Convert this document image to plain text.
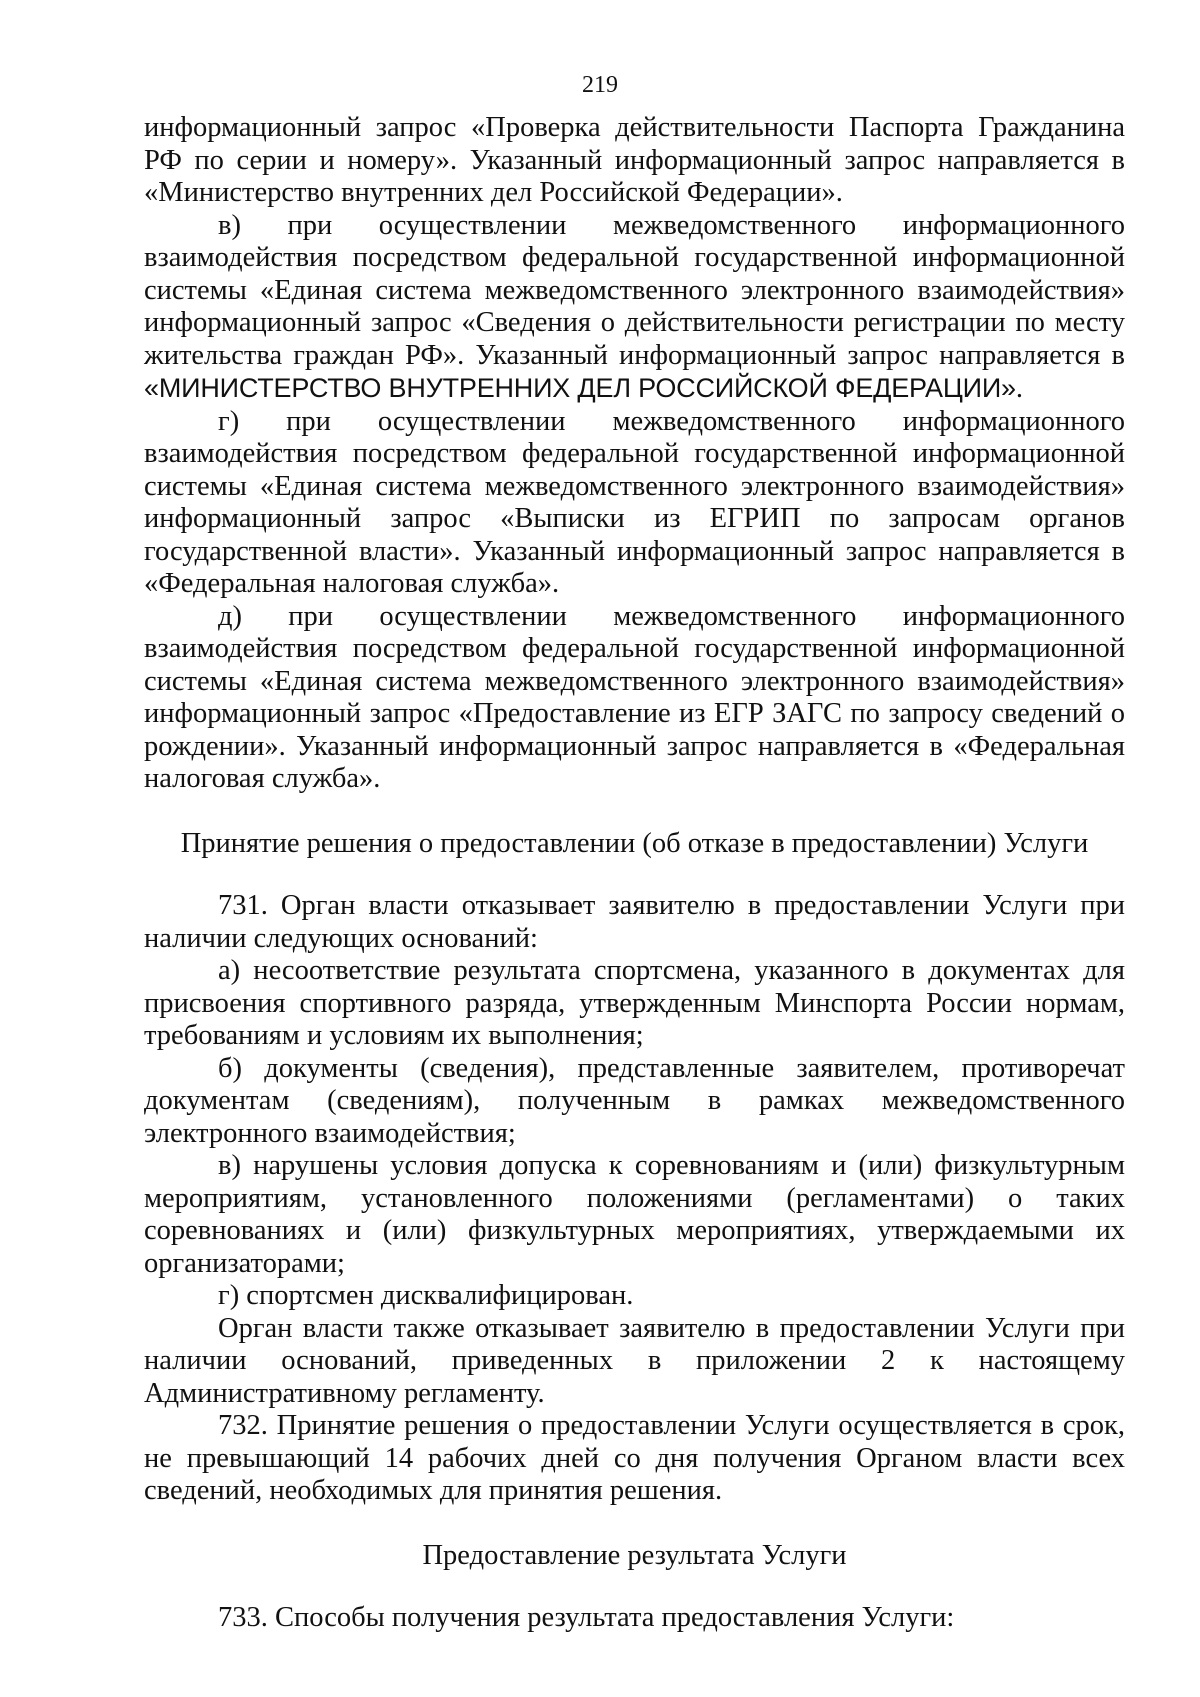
219

информационный запрос «Проверка действительности Паспорта Гражданина РФ по серии и номеру». Указанный информационный запрос направляется в «Министерство внутренних дел Российской Федерации».

в) при осуществлении межведомственного информационного взаимодействия посредством федеральной государственной информационной системы «Единая система межведомственного электронного взаимодействия» информационный запрос «Сведения о действительности регистрации по месту жительства граждан РФ». Указанный информационный запрос направляется в «МИНИСТЕРСТВО ВНУТРЕННИХ ДЕЛ РОССИЙСКОЙ ФЕДЕРАЦИИ».

г) при осуществлении межведомственного информационного взаимодействия посредством федеральной государственной информационной системы «Единая система межведомственного электронного взаимодействия» информационный запрос «Выписки из ЕГРИП по запросам органов государственной власти». Указанный информационный запрос направляется в «Федеральная налоговая служба».

д) при осуществлении межведомственного информационного взаимодействия посредством федеральной государственной информационной системы «Единая система межведомственного электронного взаимодействия» информационный запрос «Предоставление из ЕГР ЗАГС по запросу сведений о рождении». Указанный информационный запрос направляется в «Федеральная налоговая служба».

Принятие решения о предоставлении (об отказе в предоставлении) Услуги

731. Орган власти отказывает заявителю в предоставлении Услуги при наличии следующих оснований:

а) несоответствие результата спортсмена, указанного в документах для присвоения спортивного разряда, утвержденным Минспорта России нормам, требованиям и условиям их выполнения;

б) документы (сведения), представленные заявителем, противоречат документам (сведениям), полученным в рамках межведомственного электронного взаимодействия;

в) нарушены условия допуска к соревнованиям и (или) физкультурным мероприятиям, установленного положениями (регламентами) о таких соревнованиях и (или) физкультурных мероприятиях, утверждаемыми их организаторами;

г) спортсмен дисквалифицирован.

Орган власти также отказывает заявителю в предоставлении Услуги при наличии оснований, приведенных в приложении 2 к настоящему Административному регламенту.

732. Принятие решения о предоставлении Услуги осуществляется в срок, не превышающий 14 рабочих дней со дня получения Органом власти всех сведений, необходимых для принятия решения.

Предоставление результата Услуги

733. Способы получения результата предоставления Услуги:
